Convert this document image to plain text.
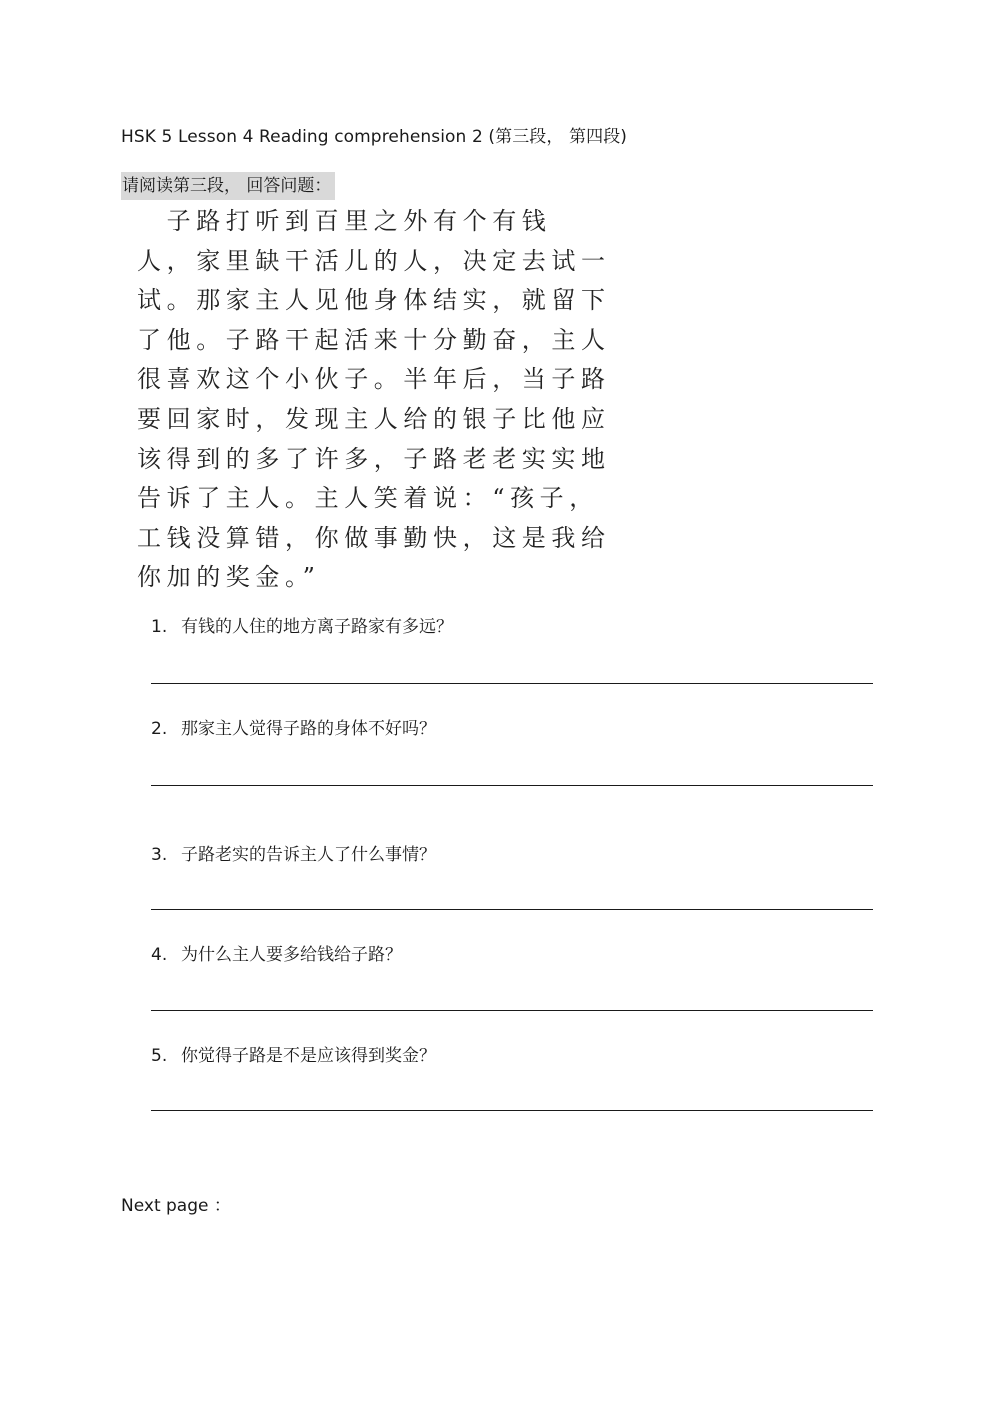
HSK 5 Lesson 4 Reading comprehension 2 (第三段， 第四段)
请阅读第三段， 回答问题：
　子路打听到百里之外有个有钱
人，家里缺干活儿的人，决定去试一
试。那家主人见他身体结实，就留下
了他。子路干起活来十分勤奋，主人
很喜欢这个小伙子。半年后，当子路
要回家时，发现主人给的银子比他应
该得到的多了许多，子路老老实实地
告诉了主人。主人笑着说：“孩子，
工钱没算错，你做事勤快，这是我给
你加的奖金。”
1. 有钱的人住的地方离子路家有多远？
2. 那家主人觉得子路的身体不好吗？
3. 子路老实的告诉主人了什么事情？
4. 为什么主人要多给钱给子路？
5. 你觉得子路是不是应该得到奖金？
Next page ：
